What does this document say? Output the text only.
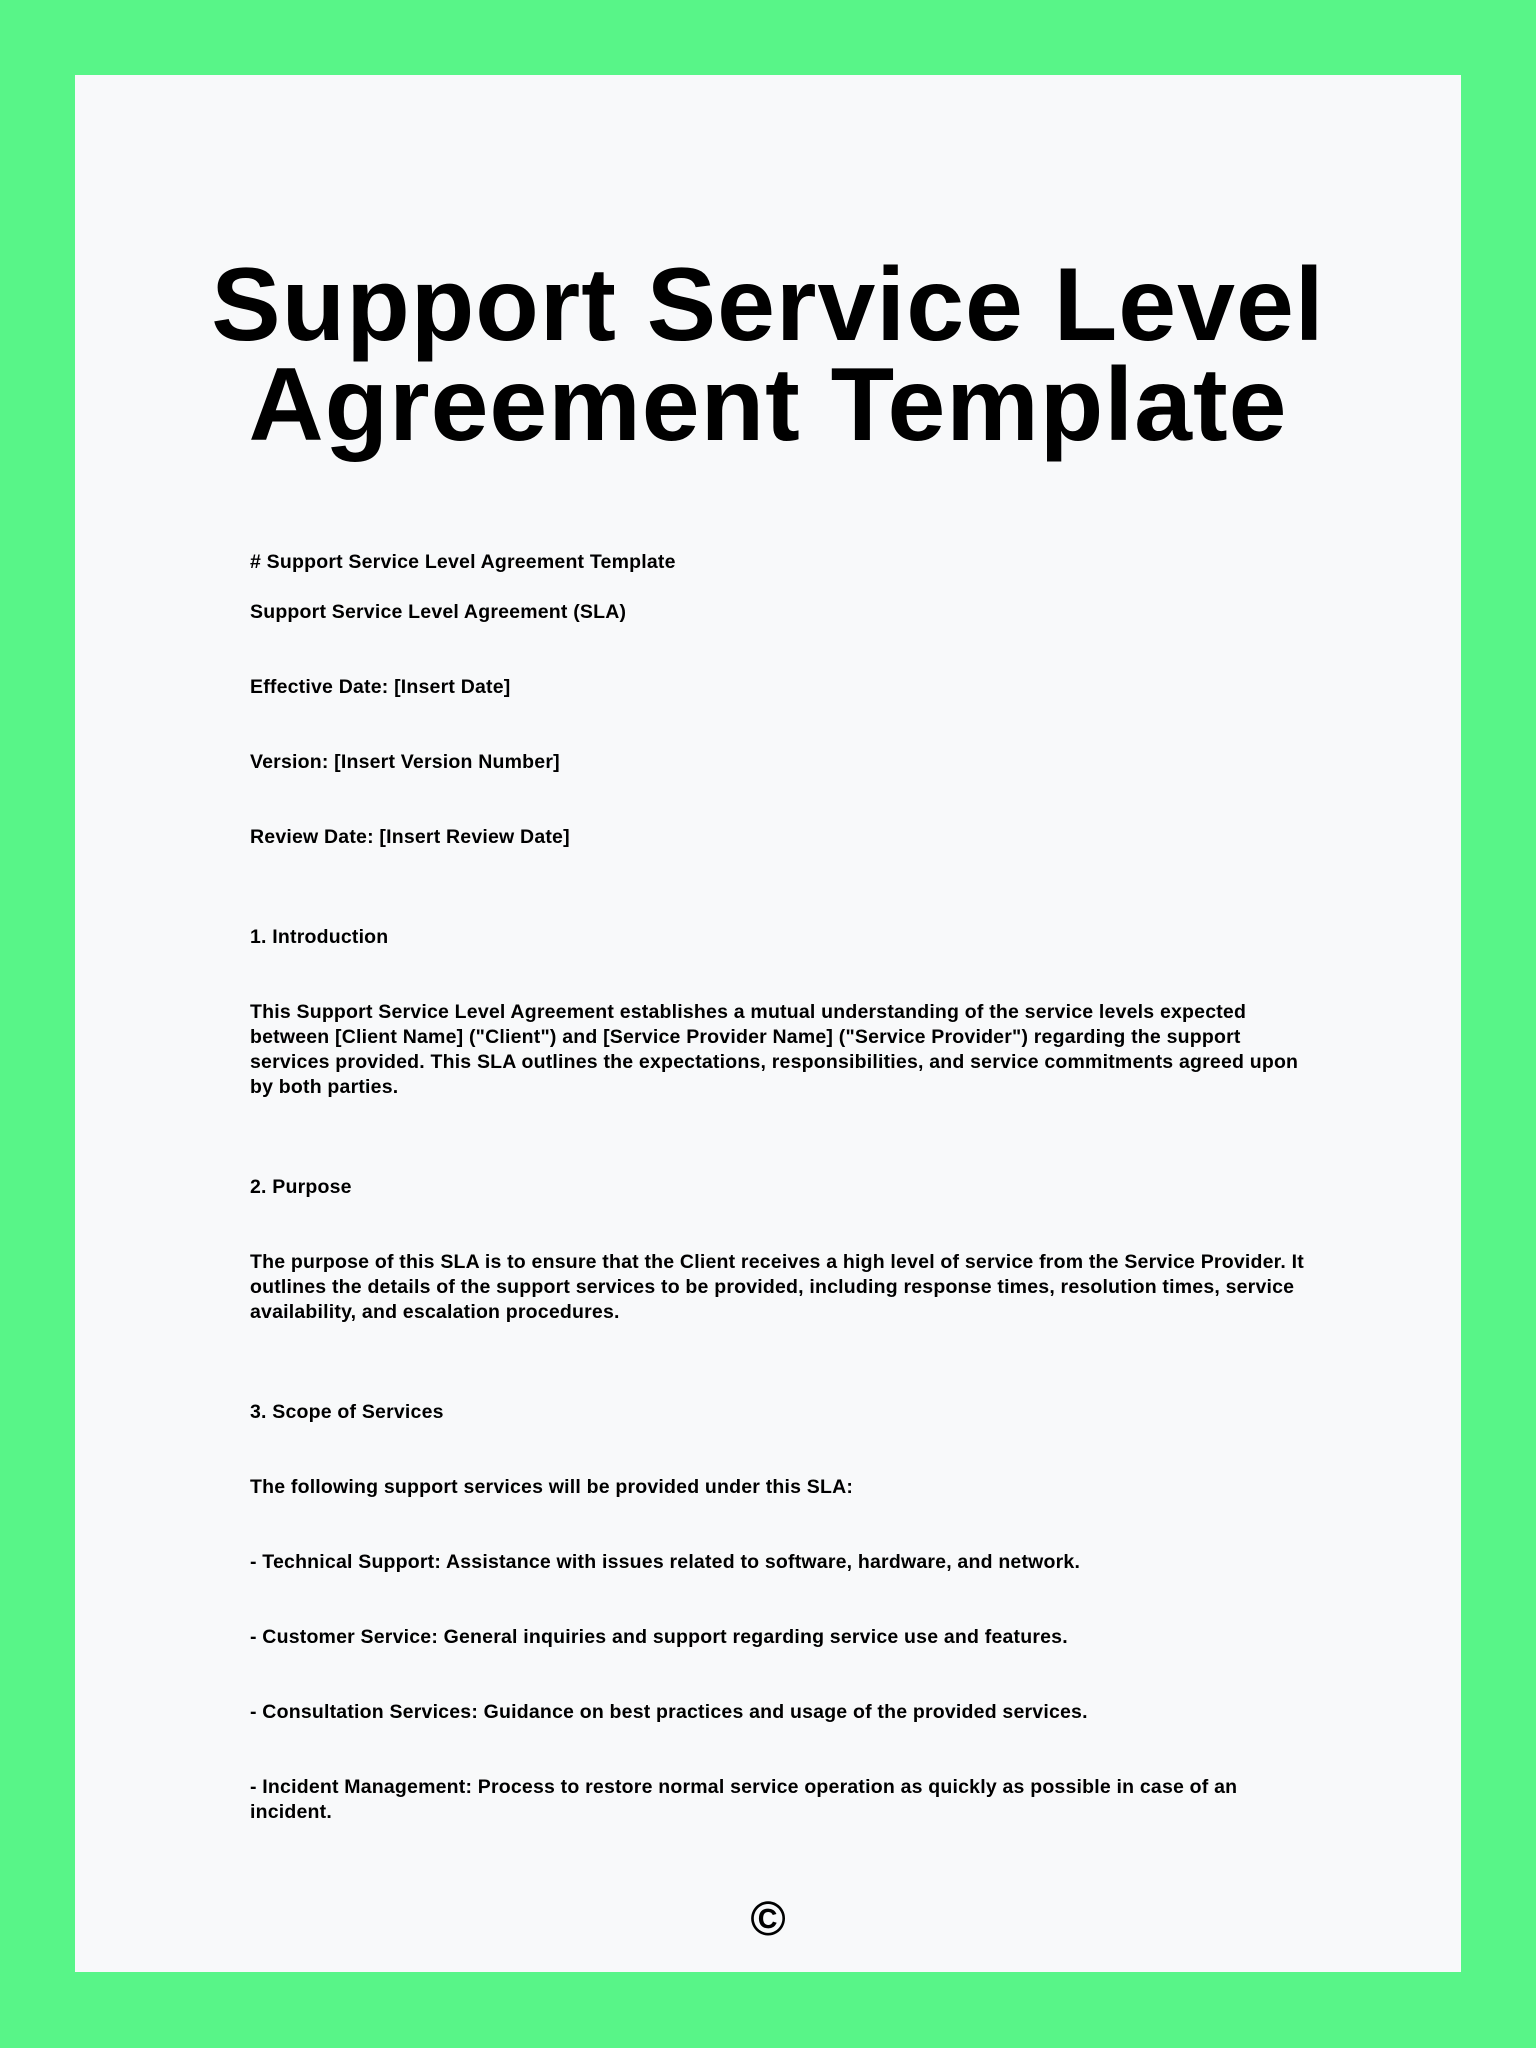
Support Service Level Agreement Template

# Support Service Level Agreement Template

Support Service Level Agreement (SLA)

Effective Date: [Insert Date]

Version: [Insert Version Number]

Review Date: [Insert Review Date]

1. Introduction

This Support Service Level Agreement establishes a mutual understanding of the service levels expected between [Client Name] ("Client") and [Service Provider Name] ("Service Provider") regarding the support services provided. This SLA outlines the expectations, responsibilities, and service commitments agreed upon by both parties.

2. Purpose

The purpose of this SLA is to ensure that the Client receives a high level of service from the Service Provider. It outlines the details of the support services to be provided, including response times, resolution times, service availability, and escalation procedures.

3. Scope of Services

The following support services will be provided under this SLA:

- Technical Support: Assistance with issues related to software, hardware, and network.

- Customer Service: General inquiries and support regarding service use and features.

- Consultation Services: Guidance on best practices and usage of the provided services.

- Incident Management: Process to restore normal service operation as quickly as possible in case of an incident.

©
